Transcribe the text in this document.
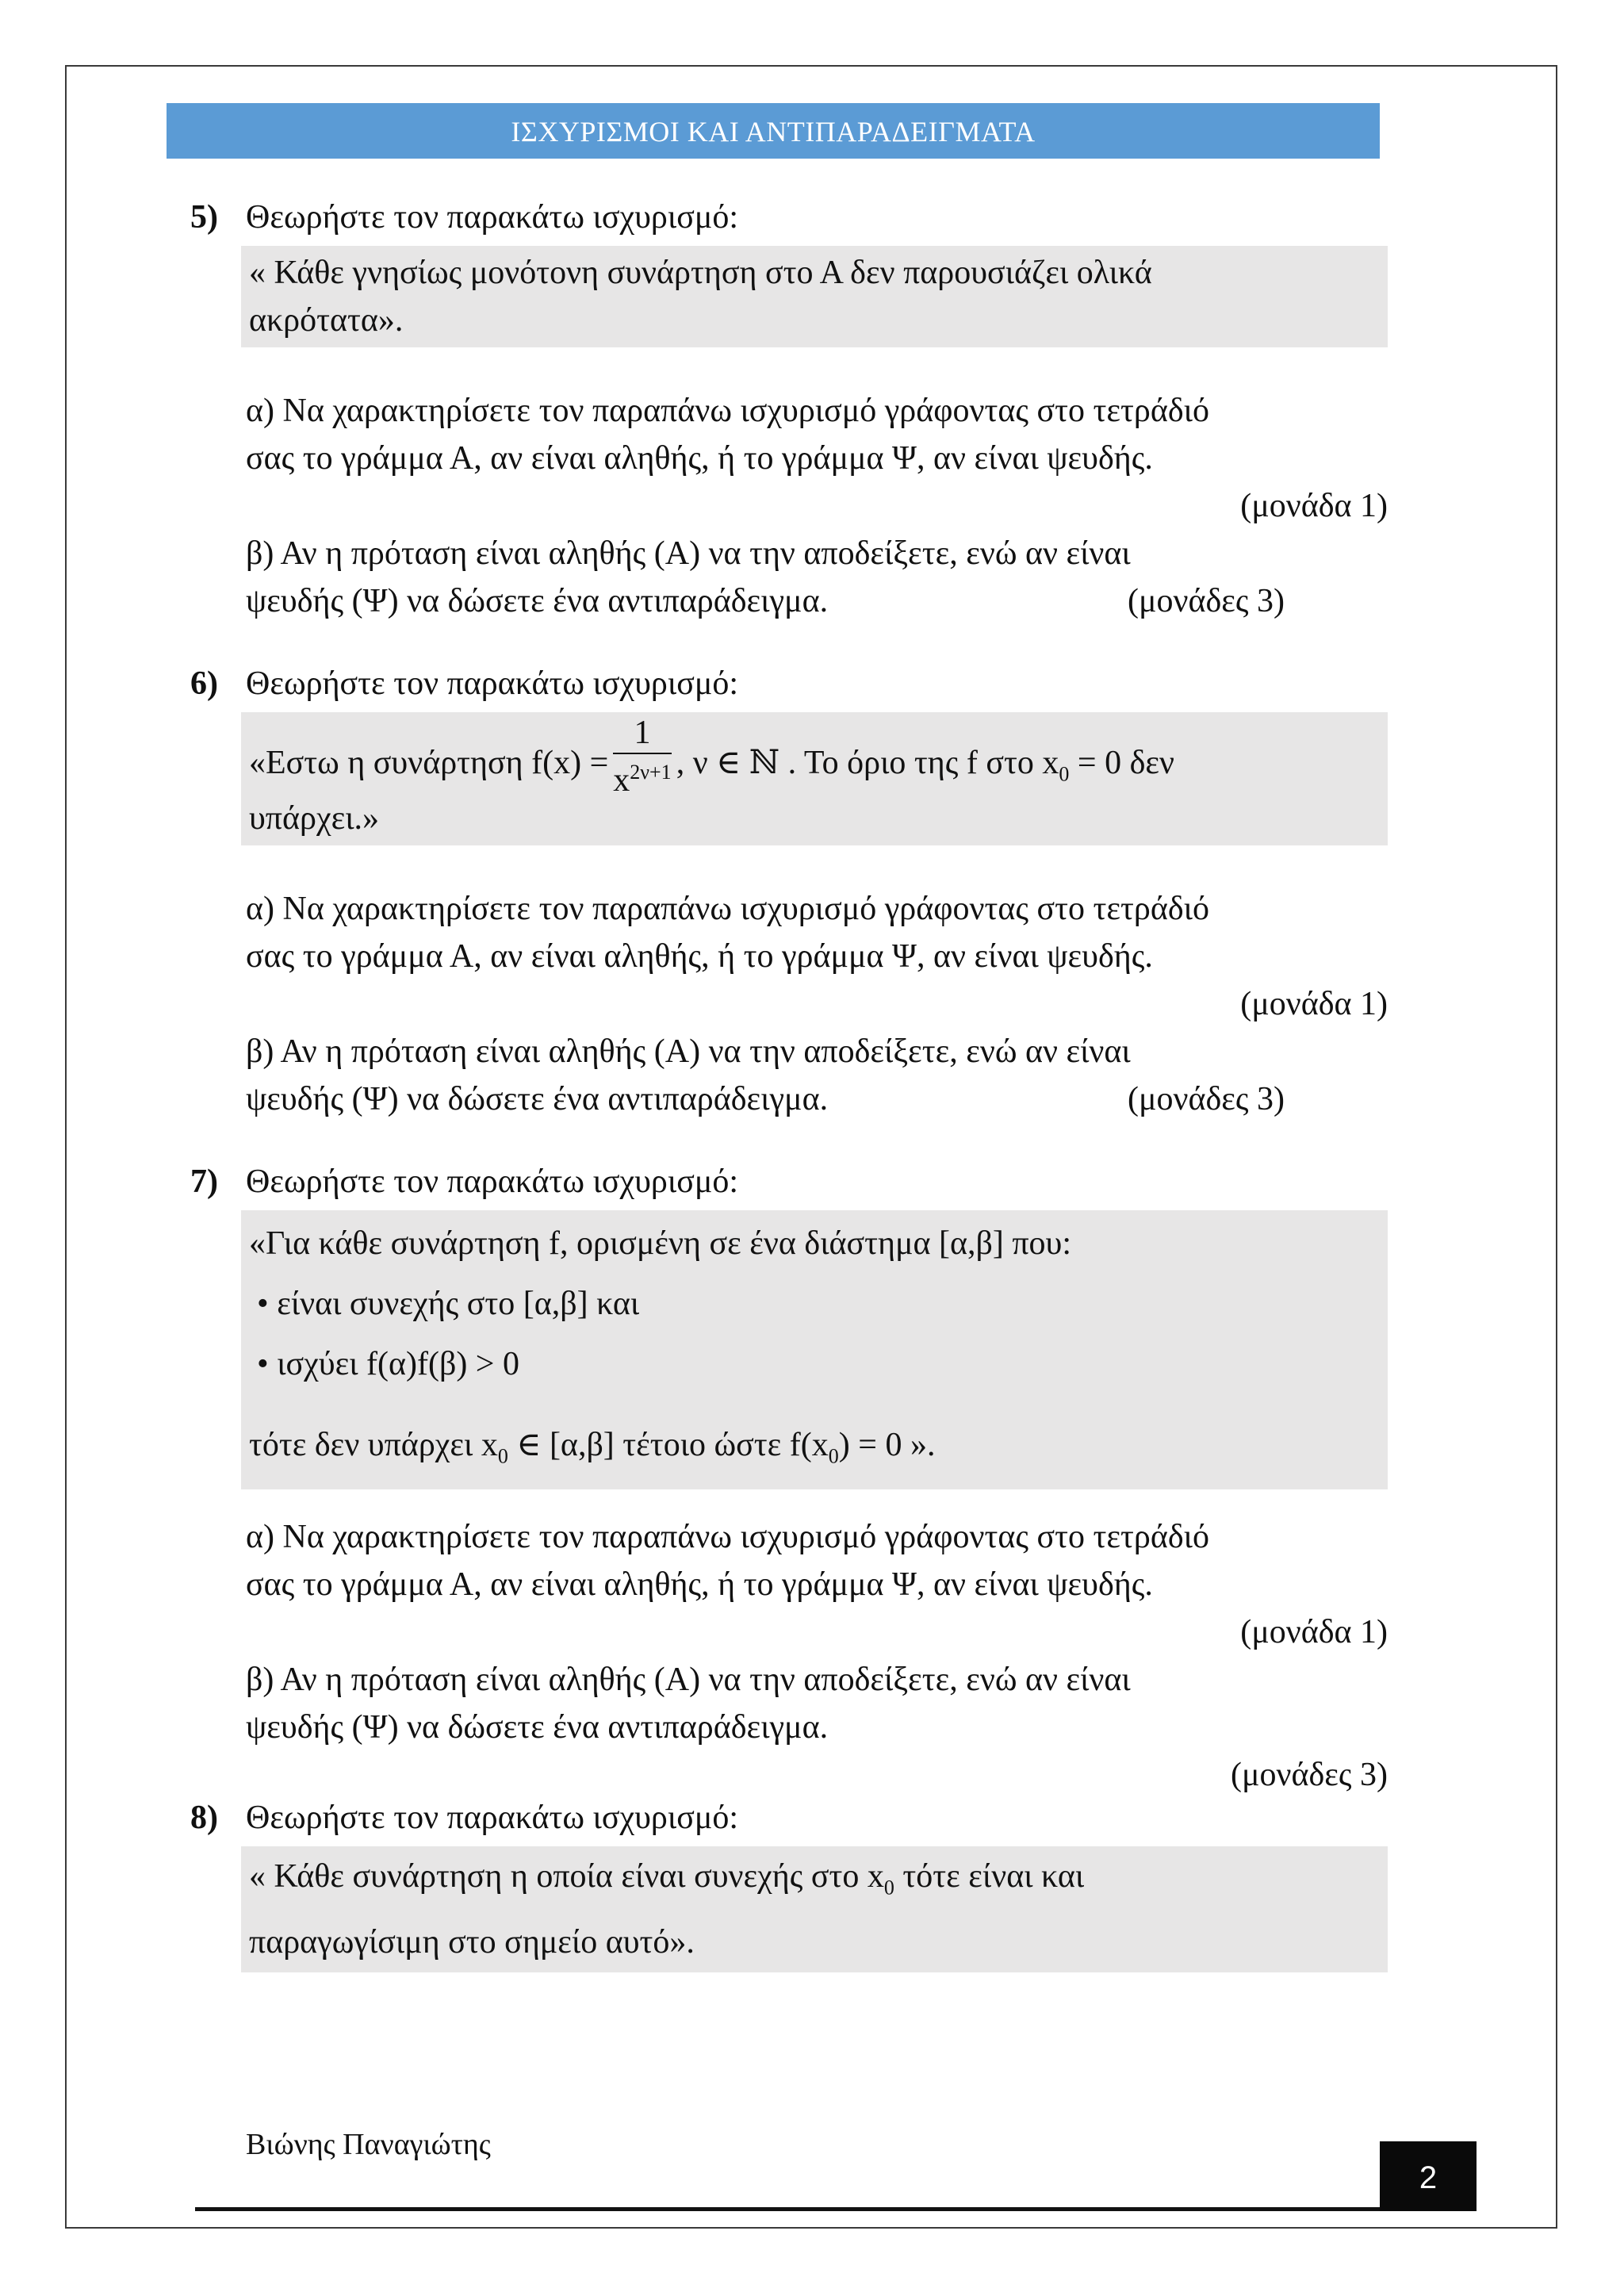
ΙΣΧΥΡΙΣΜΟΙ ΚΑΙ ΑΝΤΙΠΑΡΑΔΕΙΓΜΑΤΑ
5) Θεωρήστε τον παρακάτω ισχυρισμό:
« Κάθε γνησίως μονότονη συνάρτηση στο Α δεν παρουσιάζει ολικά
ακρότατα».
α) Να χαρακτηρίσετε τον παραπάνω ισχυρισμό γράφοντας στο τετράδιό
σας το γράμμα Α, αν είναι αληθής, ή το γράμμα Ψ, αν είναι ψευδής.
(μονάδα 1)
β) Αν η πρόταση είναι αληθής (Α) να την αποδείξετε, ενώ αν είναι
ψευδής (Ψ) να δώσετε ένα αντιπαράδειγμα.	(μονάδες 3)
6) Θεωρήστε τον παρακάτω ισχυρισμό:
«Εστω η συνάρτηση $f(x) = \frac{1}{x^{2\nu+1}}$ , ν ∈ ℕ . Το όριο της f στο $x_0 = 0$ δεν
υπάρχει.»
α) Να χαρακτηρίσετε τον παραπάνω ισχυρισμό γράφοντας στο τετράδιό
σας το γράμμα Α, αν είναι αληθής, ή το γράμμα Ψ, αν είναι ψευδής.
(μονάδα 1)
β) Αν η πρόταση είναι αληθής (Α) να την αποδείξετε, ενώ αν είναι
ψευδής (Ψ) να δώσετε ένα αντιπαράδειγμα.	(μονάδες 3)
7) Θεωρήστε τον παρακάτω ισχυρισμό:
«Για κάθε συνάρτηση f, ορισμένη σε ένα διάστημα [α,β] που:
• είναι συνεχής στο [α,β] και
• ισχύει f(α)f(β) > 0
τότε δεν υπάρχει $x_0$ ∈ [α,β] τέτοιο ώστε $f(x_0) = 0$ ».
α) Να χαρακτηρίσετε τον παραπάνω ισχυρισμό γράφοντας στο τετράδιό
σας το γράμμα Α, αν είναι αληθής, ή το γράμμα Ψ, αν είναι ψευδής.
(μονάδα 1)
β) Αν η πρόταση είναι αληθής (Α) να την αποδείξετε, ενώ αν είναι
ψευδής (Ψ) να δώσετε ένα αντιπαράδειγμα.
(μονάδες 3)
8) Θεωρήστε τον παρακάτω ισχυρισμό:
« Κάθε συνάρτηση η οποία είναι συνεχής στο $x_0$ τότε είναι και
παραγωγίσιμη στο σημείο αυτό».
Βιώνης Παναγιώτης
2
